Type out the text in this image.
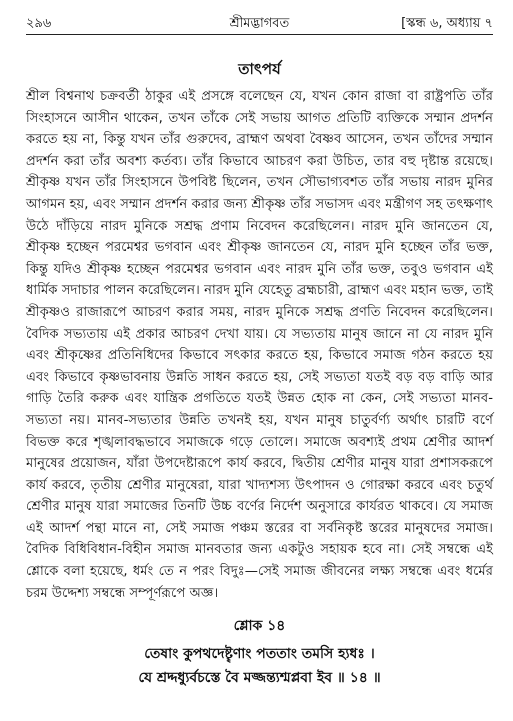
২৯৬	শ্রীমদ্ভাগবত	[স্কন্ধ ৬, অধ্যায় ৭
তাৎপর্য

শ্রীল বিশ্বনাথ চক্রবর্তী ঠাকুর এই প্রসঙ্গে বলেছেন যে, যখন কোন রাজা বা রাষ্ট্রপতি তাঁর সিংহাসনে আসীন থাকেন, তখন তাঁকে সেই সভায় আগত প্রতিটি ব্যক্তিকে সম্মান প্রদর্শন করতে হয় না, কিন্তু যখন তাঁর গুরুদেব, ব্রাহ্মণ অথবা বৈষ্ণব আসেন, তখন তাঁদের সম্মান প্রদর্শন করা তাঁর অবশ্য কর্তব্য। তাঁর কিভাবে আচরণ করা উচিত, তার বহু দৃষ্টান্ত রয়েছে। শ্রীকৃষ্ণ যখন তাঁর সিংহাসনে উপবিষ্ট ছিলেন, তখন সৌভাগ্যবশত তাঁর সভায় নারদ মুনির আগমন হয়, এবং সম্মান প্রদর্শন করার জন্য শ্রীকৃষ্ণ তাঁর সভাসদ এবং মন্ত্রীগণ সহ তৎক্ষণাৎ উঠে দাঁড়িয়ে নারদ মুনিকে সশ্রদ্ধ প্রণাম নিবেদন করেছিলেন। নারদ মুনি জানতেন যে, শ্রীকৃষ্ণ হচ্ছেন পরমেশ্বর ভগবান এবং শ্রীকৃষ্ণ জানতেন যে, নারদ মুনি হচ্ছেন তাঁর ভক্ত, কিন্তু যদিও শ্রীকৃষ্ণ হচ্ছেন পরমেশ্বর ভগবান এবং নারদ মুনি তাঁর ভক্ত, তবুও ভগবান এই ধার্মিক সদাচার পালন করেছিলেন। নারদ মুনি যেহেতু ব্রহ্মচারী, ব্রাহ্মণ এবং মহান ভক্ত, তাই শ্রীকৃষ্ণও রাজারূপে আচরণ করার সময়, নারদ মুনিকে সশ্রদ্ধ প্রণতি নিবেদন করেছিলেন। বৈদিক সভ্যতায় এই প্রকার আচরণ দেখা যায়। যে সভ্যতায় মানুষ জানে না যে নারদ মুনি এবং শ্রীকৃষ্ণের প্রতিনিধিদের কিভাবে সৎকার করতে হয়, কিভাবে সমাজ গঠন করতে হয় এবং কিভাবে কৃষ্ণভাবনায় উন্নতি সাধন করতে হয়, সেই সভ্যতা যতই বড় বড় বাড়ি আর গাড়ি তৈরি করুক এবং যান্ত্রিক প্রগতিতে যতই উন্নত হোক না কেন, সেই সভ্যতা মানব-সভ্যতা নয়। মানব-সভ্যতার উন্নতি তখনই হয়, যখন মানুষ চাতুর্বর্ণ্য অর্থাৎ চারটি বর্ণে বিভক্ত করে শৃঙ্খলাবদ্ধভাবে সমাজকে গড়ে তোলে। সমাজে অবশ্যই প্রথম শ্রেণীর আদর্শ মানুষের প্রয়োজন, যাঁরা উপদেষ্টারূপে কার্য করবে, দ্বিতীয় শ্রেণীর মানুষ যারা প্রশাসকরূপে কার্য করবে, তৃতীয় শ্রেণীর মানুষেরা, যারা খাদ্যশস্য উৎপাদন ও গোরক্ষা করবে এবং চতুর্থ শ্রেণীর মানুষ যারা সমাজের তিনটি উচ্চ বর্ণের নির্দেশ অনুসারে কার্যরত থাকবে। যে সমাজ এই আদর্শ পন্থা মানে না, সেই সমাজ পঞ্চম স্তরের বা সর্বনিকৃষ্ট স্তরের মানুষদের সমাজ। বৈদিক বিধিবিধান-বিহীন সমাজ মানবতার জন্য একটুও সহায়ক হবে না। সেই সম্বন্ধে এই শ্লোকে বলা হয়েছে, ধর্মং তে ন পরং বিদুঃ—সেই সমাজ জীবনের লক্ষ্য সম্বন্ধে এবং ধর্মের চরম উদ্দেশ্য সম্বন্ধে সম্পূর্ণরূপে অজ্ঞ।

শ্লোক ১৪
তেষাং কুপথদেষ্টৄণাং পততাং তমসি হ্যধঃ ।
যে শ্রদ্দধ্যুর্বচস্তে বৈ মজ্জন্ত্যশ্মপ্লবা ইব ॥ ১৪ ॥
